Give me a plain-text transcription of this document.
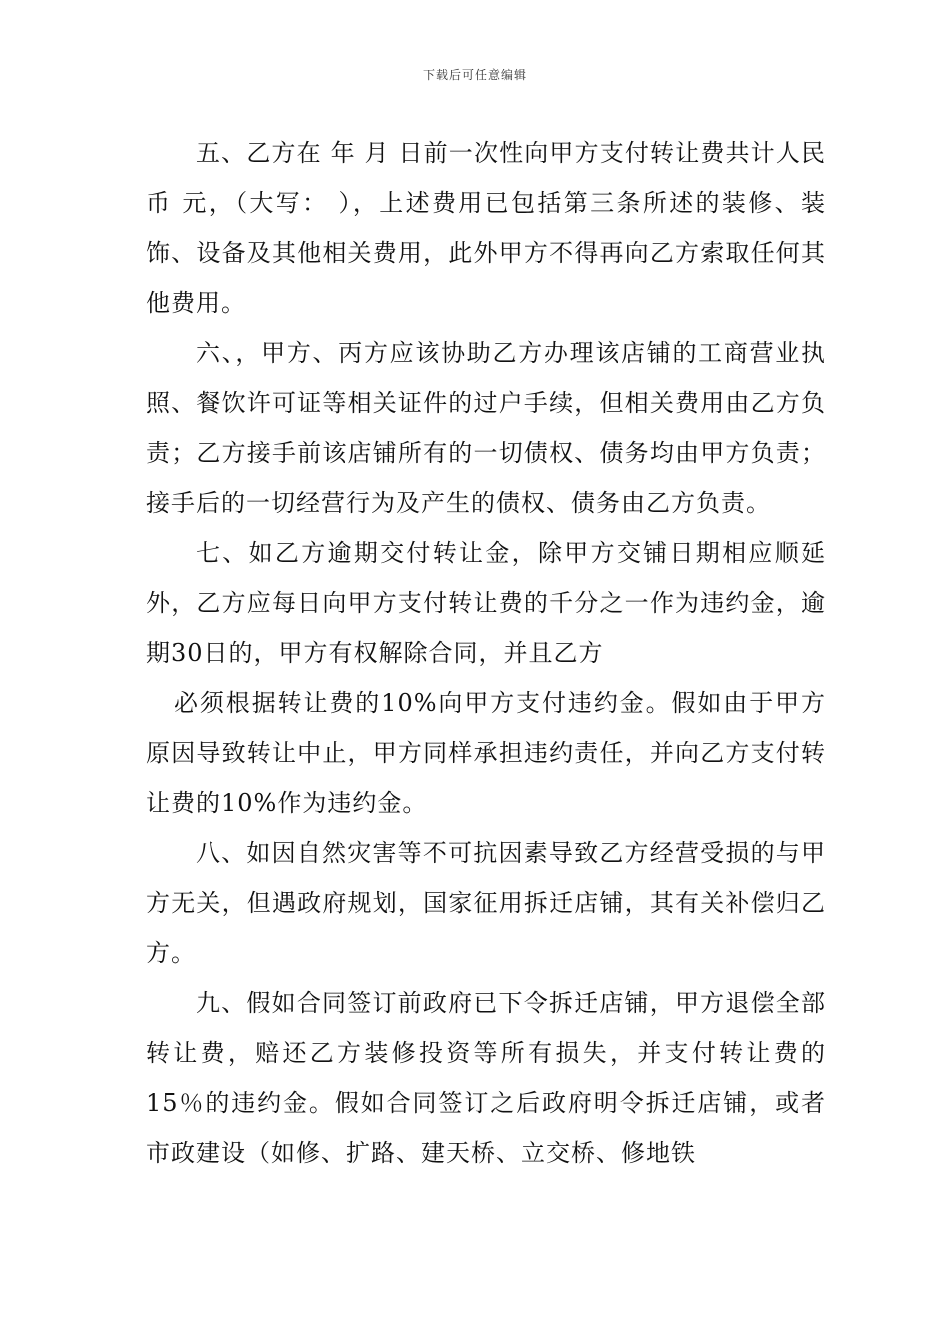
下载后可任意编辑

五、乙方在 年 月 日前一次性向甲方支付转让费共计人民币 元，（大写： ），上述费用已包括第三条所述的装修、装饰、设备及其他相关费用，此外甲方不得再向乙方索取任何其他费用。

六、，甲方、丙方应该协助乙方办理该店铺的工商营业执照、餐饮许可证等相关证件的过户手续，但相关费用由乙方负责；乙方接手前该店铺所有的一切债权、债务均由甲方负责；接手后的一切经营行为及产生的债权、债务由乙方负责。

七、如乙方逾期交付转让金，除甲方交铺日期相应顺延外，乙方应每日向甲方支付转让费的千分之一作为违约金，逾期30日的，甲方有权解除合同，并且乙方

必须根据转让费的10%向甲方支付违约金。假如由于甲方原因导致转让中止，甲方同样承担违约责任，并向乙方支付转让费的10%作为违约金。

八、如因自然灾害等不可抗因素导致乙方经营受损的与甲方无关，但遇政府规划，国家征用拆迁店铺，其有关补偿归乙方。

九、假如合同签订前政府已下令拆迁店铺，甲方退偿全部转让费，赔还乙方装修投资等所有损失，并支付转让费的15％的违约金。假如合同签订之后政府明令拆迁店铺，或者市政建设（如修、扩路、建天桥、立交桥、修地铁
